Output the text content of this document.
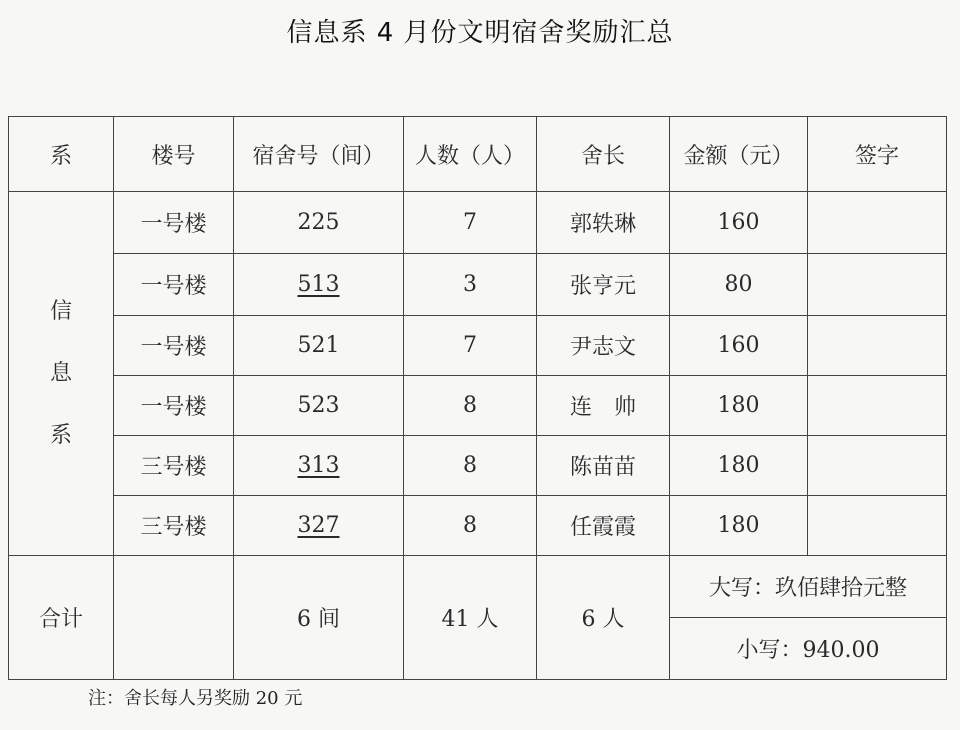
信息系 4 月份文明宿舍奖励汇总
系	楼号	宿舍号（间）	人数（人）	舍长	金额（元）	签字

信
息
系	一号楼	225	7	郭轶琳	160	
	一号楼	513	3	张亨元	80	
	一号楼	521	7	尹志文	160	
	一号楼	523	8	连　帅	180	
	三号楼	313	8	陈苗苗	180	
	三号楼	327	8	任霞霞	180	
合计		6 间	41 人	6 人	大写：玖佰肆拾元整	
					小写：940.00	
注：舍长每人另奖励 20 元
